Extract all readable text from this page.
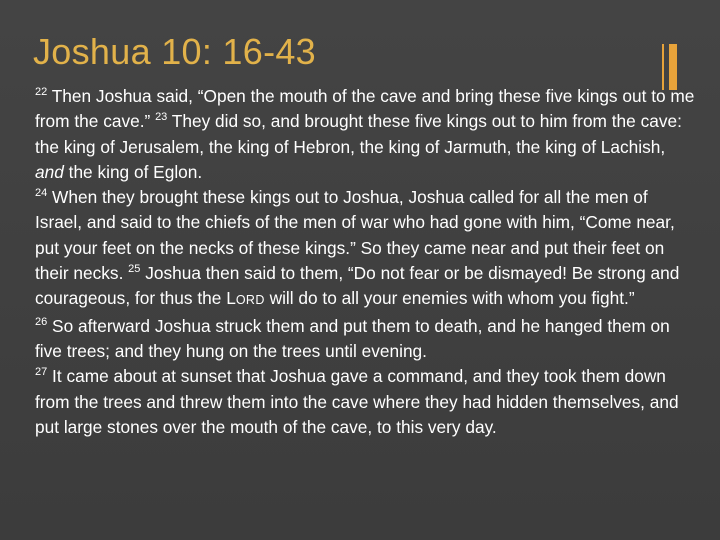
Joshua 10: 16-43

$^{22}$ Then Joshua said, “Open the mouth of the cave and bring these five kings out to me from the cave.” $^{23}$ They did so, and brought these five kings out to him from the cave: the king of Jerusalem, the king of Hebron, the king of Jarmuth, the king of Lachish, and the king of Eglon.
$^{24}$ When they brought these kings out to Joshua, Joshua called for all the men of Israel, and said to the chiefs of the men of war who had gone with him, “Come near, put your feet on the necks of these kings.” So they came near and put their feet on their necks. $^{25}$ Joshua then said to them, “Do not fear or be dismayed! Be strong and courageous, for thus the LORD will do to all your enemies with whom you fight.”
$^{26}$ So afterward Joshua struck them and put them to death, and he hanged them on five trees; and they hung on the trees until evening.
$^{27}$ It came about at sunset that Joshua gave a command, and they took them down from the trees and threw them into the cave where they had hidden themselves, and put large stones over the mouth of the cave, to this very day.
